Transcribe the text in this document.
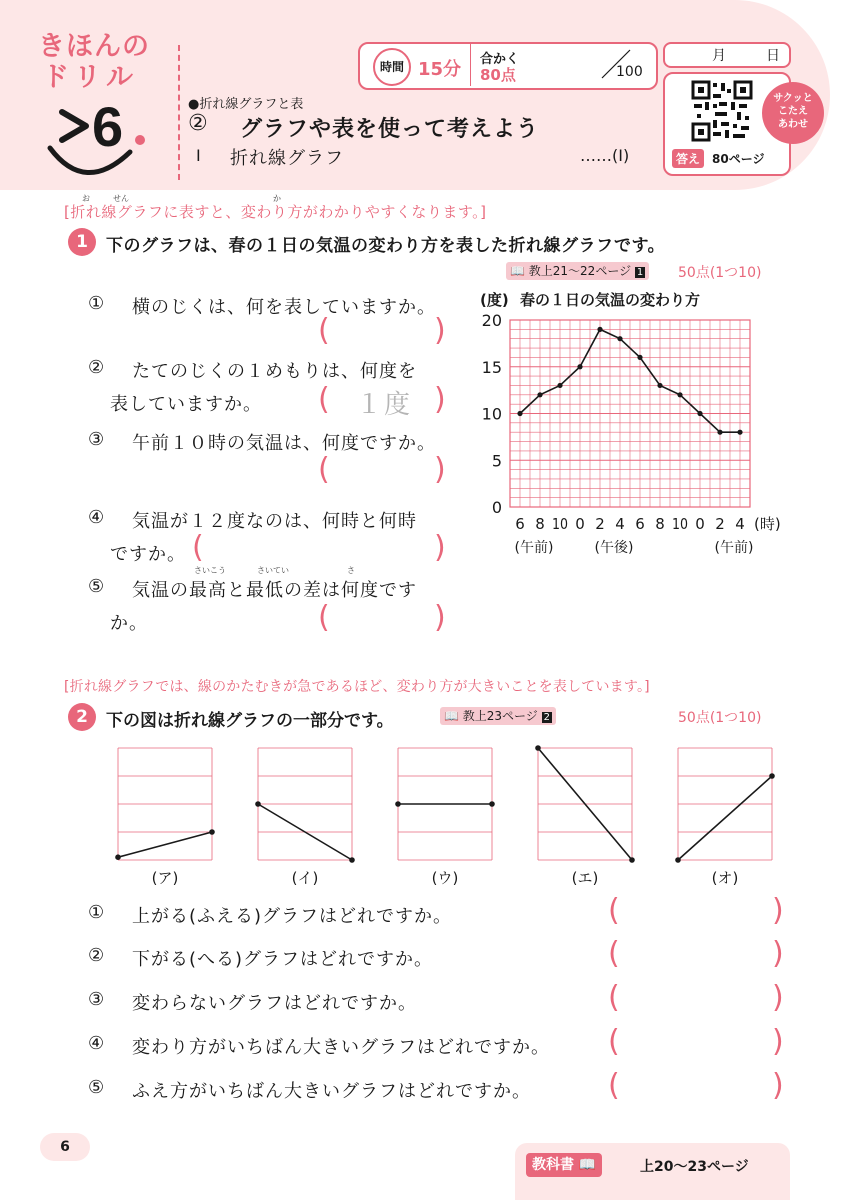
きほんの
ドリル
6
時間 15分 合かく
80点	100
月	日
サクッと
こたえ
あわせ
答え 80ページ
●折れ線グラフと表
② グラフや表を使って考えよう
Ⅰ 折れ線グラフ	……(Ⅰ)
お	せん	か
[折れ線グラフに表すと、変わり方がわかりやすくなります。]
1	下のグラフは、春の１日の気温の変わり方を表した折れ線グラフです。
📖 教上21〜22ページ 1	50点(1つ10)
① 横のじくは、何を表していますか。
(	)
② たてのじくの１めもりは、何度を
表していますか。 ( １度 )
③ 午前１０時の気温は、何度ですか。
(	)
④ 気温が１２度なのは、何時と何時
ですか。 (	)
さいこう	さいてい	さ
⑤ 気温の最高と最低の差は何度です
か。	(	)
(度) 春の１日の気温の変わり方
0
5
10
15
20
6 8 10 0 2 4 6 8 10 0 2 4 (時)
(午前)	(午後)	(午前)
[折れ線グラフでは、線のかたむきが急であるほど、変わり方が大きいことを表しています。]
2	下の図は折れ線グラフの一部分です。	📖 教上23ページ 2	50点(1つ10)
(ア)	(イ)	(ウ)	(エ)	(オ)
① 上がる(ふえる)グラフはどれですか。	(	)
② 下がる(へる)グラフはどれですか。	(	)
③ 変わらないグラフはどれですか。	(	)
④ 変わり方がいちばん大きいグラフはどれですか。 (	)
⑤ ふえ方がいちばん大きいグラフはどれですか。	(	)
6
教科書 📖	上20〜23ページ
